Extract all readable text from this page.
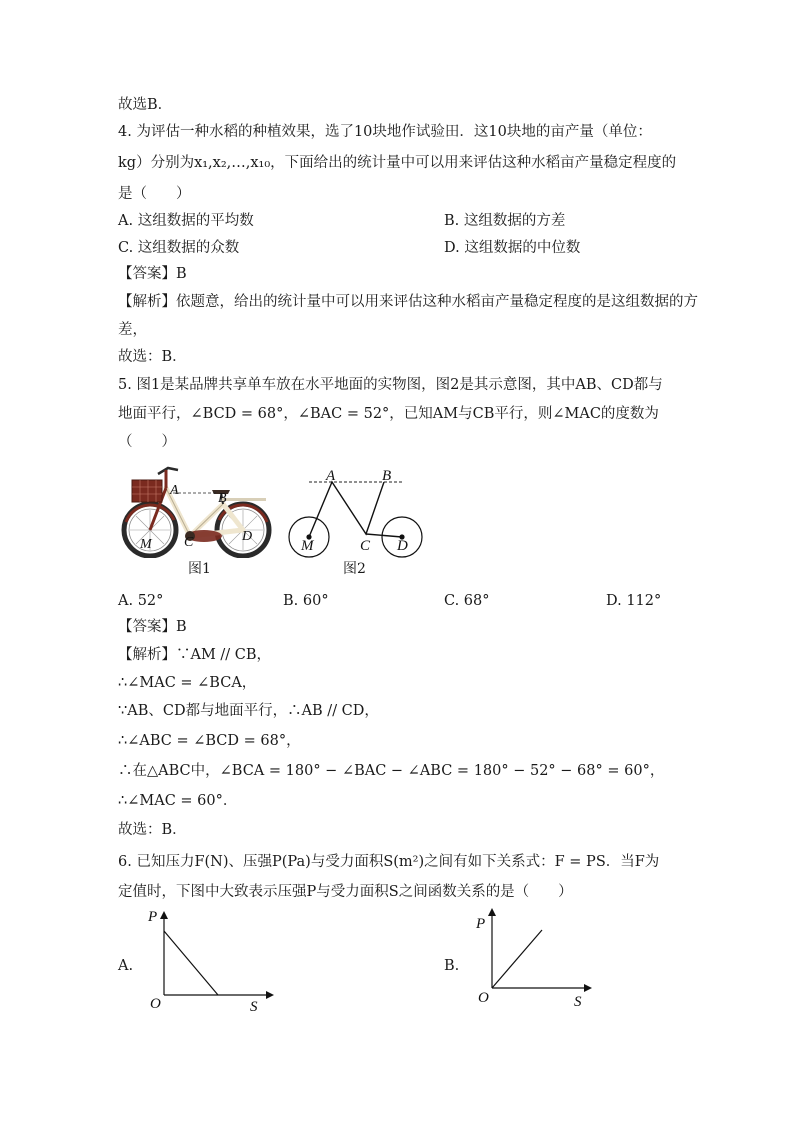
故选B．
4. 为评估一种水稻的种植效果，选了10块地作试验田．这10块地的亩产量（单位：
kg）分别为x₁,x₂,…,x₁₀，下面给出的统计量中可以用来评估这种水稻亩产量稳定程度的
是（　　）
A. 这组数据的平均数	B. 这组数据的方差
C. 这组数据的众数	D. 这组数据的中位数
【答案】B
【解析】依题意，给出的统计量中可以用来评估这种水稻亩产量稳定程度的是这组数据的方
差，
故选：B．
5. 图1是某品牌共享单车放在水平地面的实物图，图2是其示意图，其中AB、CD都与
地面平行，∠BCD = 68°，∠BAC = 52°，已知AM与CB平行，则∠MAC的度数为
（　　）
A
B
M C	D
图1
A	B
M	C D
图2
A. 52°	B. 60°	C. 68°	D. 112°
【答案】B
【解析】∵AM // CB，
∴∠MAC = ∠BCA，
∵AB、CD都与地面平行，∴AB // CD，
∴∠ABC = ∠BCD = 68°，
∴在△ABC中，∠BCA = 180° − ∠BAC − ∠ABC = 180° − 52° − 68° = 60°，
∴∠MAC = 60°．
故选：B．
6. 已知压力F(N)、压强P(Pa)与受力面积S(m²)之间有如下关系式：F = PS．当F为
定值时，下图中大致表示压强P与受力面积S之间函数关系的是（　　）
A.
P
S
O
B.
P
S
O
